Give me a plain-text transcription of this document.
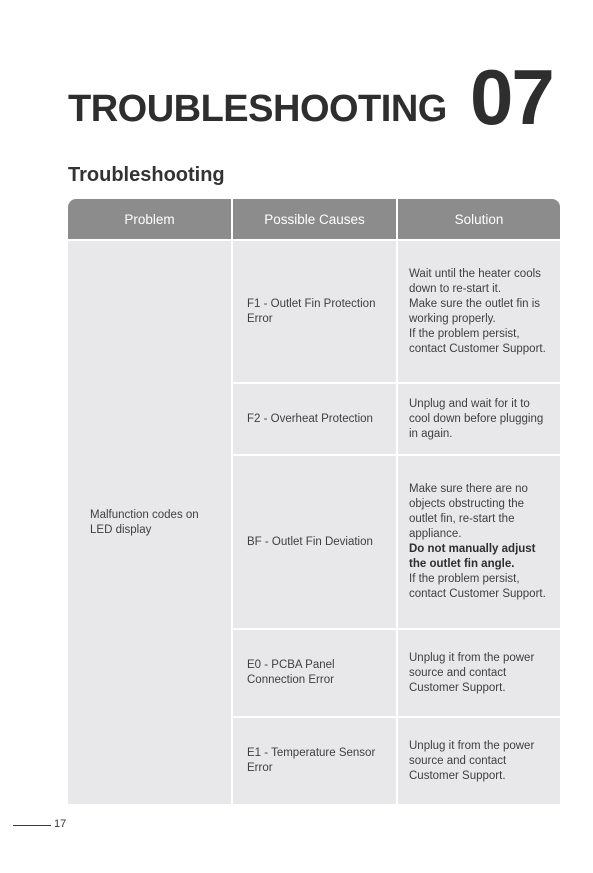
TROUBLESHOOTING 07
Troubleshooting
Problem	Possible Causes	Solution
Malfunction codes on LED display	F1 - Outlet Fin Protection Error	Wait until the heater cools down to re-start it.
Make sure the outlet fin is working properly.
If the problem persist, contact Customer Support.

	F2 - Overheat Protection	Unplug and wait for it to cool down before plugging in again.

	BF - Outlet Fin Deviation	Make sure there are no objects obstructing the outlet fin, re-start the appliance.
Do not manually adjust the outlet fin angle.
If the problem persist, contact Customer Support.

	E0 - PCBA Panel Connection Error	Unplug it from the power source and contact Customer Support.

	E1 - Temperature Sensor Error	Unplug it from the power source and contact Customer Support.
17
